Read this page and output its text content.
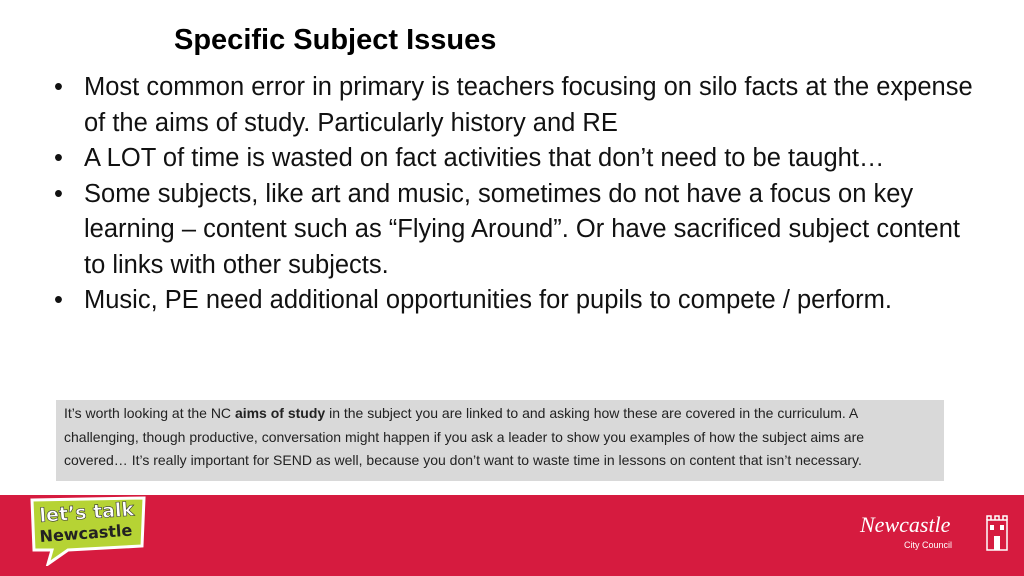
Specific Subject Issues
• Most common error in primary is teachers focusing on silo facts at the expense of the aims of study. Particularly history and RE
• A LOT of time is wasted on fact activities that don’t need to be taught…
• Some subjects, like art and music, sometimes do not have a focus on key learning – content such as “Flying Around”. Or have sacrificed subject content to links with other subjects.
• Music, PE need additional opportunities for pupils to compete / perform.
It’s worth looking at the NC aims of study in the subject you are linked to and asking how these are covered in the curriculum. A challenging, though productive, conversation might happen if you ask a leader to show you examples of how the subject aims are covered… It’s really important for SEND as well, because you don’t want to waste time in lessons on content that isn’t necessary.
let’s talk
Newcastle	Newcastle
City Council
